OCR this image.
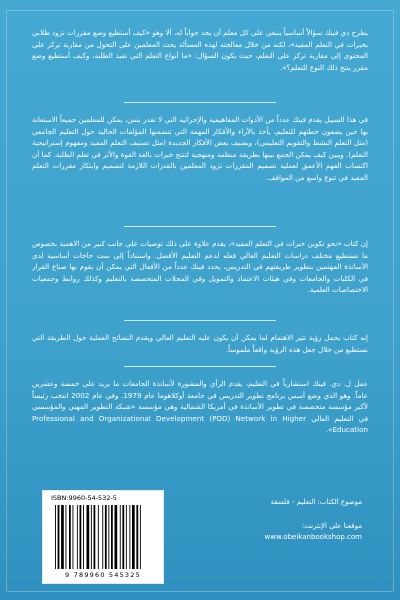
يطرح دي فينك سؤالاً أساسياً ينبغي على كل معلم أن يجد جواباً له، ألا وهو «كيف أستطيع وضع مقررات تزود طلابي بخبرات في التعلم المفيد»، لكنه من خلال معالجته لهذه المسألة يحث المعلمين على التحول من مقاربة تركز على المحتوى إلى مقاربة تركز على التعلم، حيث يكون السؤال: «ما أنواع التعلم التي تفيد الطلبة، وكيف أستطيع وضع مقرر ينتج ذلك النوع للتعلم؟».
في هذا السبيل يقدم فينك عدداً من الأدوات المفاهيمية والإجرائية التي لا تقدر بثمن، يمكن للمعلمين جميعاً الاستعانة بها حين يضعون خطتهم للتعليم، يأخذ بالآراء والأفكار المهمة التي تتضمنها المؤلفات الحالية حول التعليم الجامعي (مثل التعلم النشط والتقويم التعليمي)، ويضيف بعض الأفكار الجديدة (مثل تصنيف التعلم المفيد ومفهوم إستراتيجية التعلم). ويبين كيف يمكن الجمع بينها بطريقة منظمة ومنهجية لتنتج خبرات بالغة القوة والأثر في تعلم الطلبة. كما أن اكتساب الفهم الأعمق لعملية تصميم المقررات تزود المعلمين بالقدرات اللازمة لتصميم وابتكار مقررات التعلم المفيد في تنوع واسع من المواقف.
إن كتاب «نحو تكوين خبرات في التعلم المفيد»، يقدم علاوة على ذلك توصيات على جانب كبير من الاهمية بخصوص ما تستطيع مختلف دراسات التعليم العالي فعله لدعم التعليم الأفضل. واستناداً إلى ست حاجات أساسية لدى الأساتذة المهتمين بتطوير طريقتهم في التدريس، يحدد فينك عدداً من الأفعال التي يمكن أن يقوم بها صناع القرار في الكليات والجامعات وفي هيئات الاعتماد والتمويل وفي المجلات المتخصصة بالتعليم وكذلك روابط وجمعيات الاختصاصات العلمية.
إنه كتاب يحمل رؤية تثير الاهتمام لما يمكن أن يكون عليه التعليم العالي ويقدم النصائح العملية حول الطريقة التي نستطيع من خلال جعل هذه الرؤية واقعاً ملموساً.
عمل ل. دي. فينك استشارياً في التعليم، يقدم الرأي والمشورة لأساتذة الجامعات ما يزيد على خمسة وعشرين عاماً. وهو الذي وضع أسس برنامج تطوير التدريس في جامعة أوكلاهوما عام 1979. وفي عام 2002 انتخب رئيساً لأكبر مؤسسة متخصصة في تطوير الأساتذة في أمريكا الشمالية وهي مؤسسة «شبكة التطوير المهني والمؤسسي في التعليم العالي Professional and Organizational Development (POD) Network in Higher Education».
ISBN:9960-54-532-5
9 789960 545325
موضوع الكتاب: التعليم - فلسفة
موقعنا على الإنترنت:
www.obeikanbookshop.com
